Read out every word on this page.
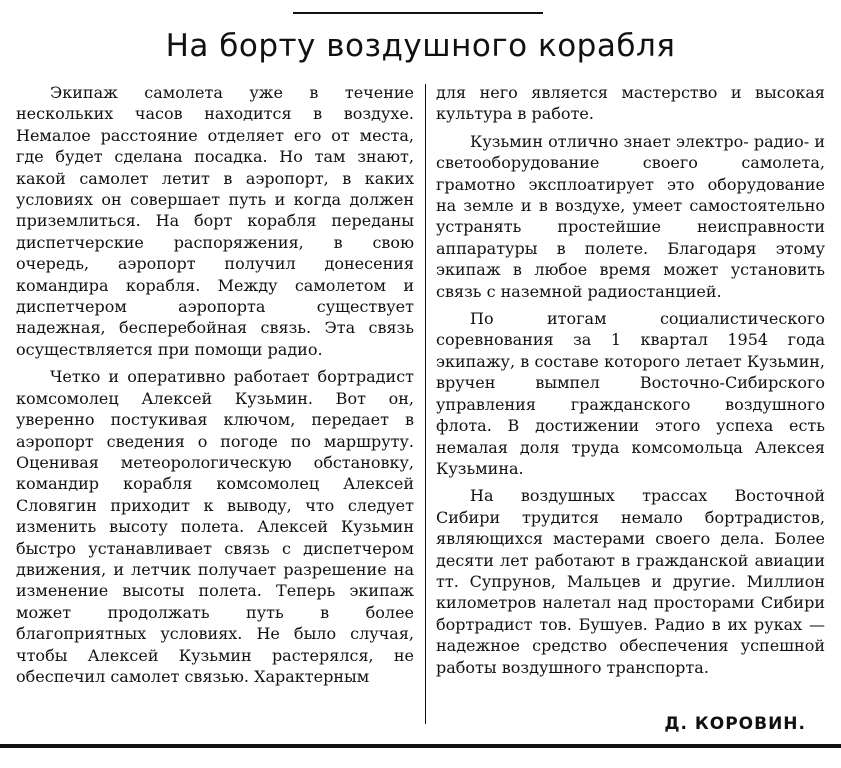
На борту воздушного корабля

Экипаж самолета уже в течение нескольких часов находится в воздухе. Немалое расстояние отделяет его от места, где будет сделана посадка. Но там знают, какой самолет летит в аэропорт, в каких условиях он совершает путь и когда должен приземлиться. На борт корабля переданы диспетчерские распоряжения, в свою очередь, аэропорт получил донесения командира корабля. Между самолетом и диспетчером аэропорта существует надежная, бесперебойная связь. Эта связь осуществляется при помощи радио.

Четко и оперативно работает бортрадист комсомолец Алексей Кузьмин. Вот он, уверенно постукивая ключом, передает в аэропорт сведения о погоде по маршруту. Оценивая метеорологическую обстановку, командир корабля комсомолец Алексей Словягин приходит к выводу, что следует изменить высоту полета. Алексей Кузьмин быстро устанавливает связь с диспетчером движения, и летчик получает разрешение на изменение высоты полета. Теперь экипаж может продолжать путь в более благоприятных условиях. Не было случая, чтобы Алексей Кузьмин растерялся, не обеспечил самолет связью. Характерным

для него является мастерство и высокая культура в работе.

Кузьмин отлично знает электро- радио- и светооборудование своего самолета, грамотно эксплоатирует это оборудование на земле и в воздухе, умеет самостоятельно устранять простейшие неисправности аппаратуры в полете. Благодаря этому экипаж в любое время может установить связь с наземной радиостанцией.

По итогам социалистического соревнования за 1 квартал 1954 года экипажу, в составе которого летает Кузьмин, вручен вымпел Восточно-Сибирского управления гражданского воздушного флота. В достижении этого успеха есть немалая доля труда комсомольца Алексея Кузьмина.

На воздушных трассах Восточной Сибири трудится немало бортрадистов, являющихся мастерами своего дела. Более десяти лет работают в гражданской авиации тт. Супрунов, Мальцев и другие. Миллион километров налетал над просторами Сибири бортрадист тов. Бушуев. Радио в их руках — надежное средство обеспечения успешной работы воздушного транспорта.

Д. КОРОВИН.
